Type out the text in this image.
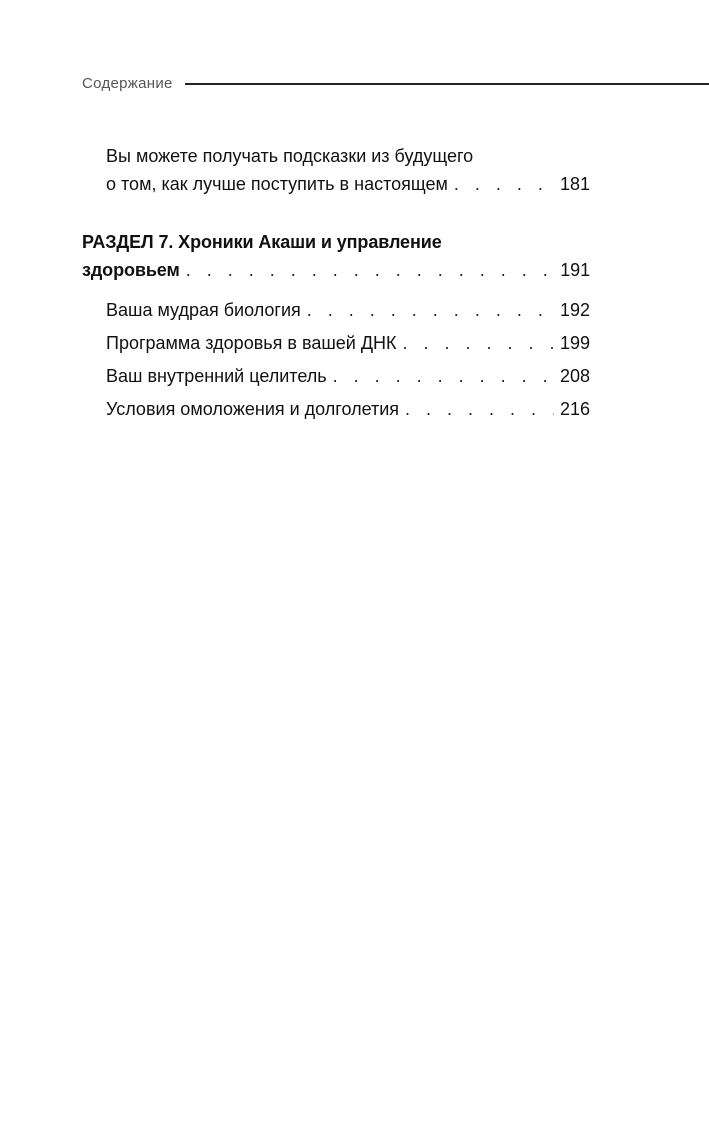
Содержание
Вы можете получать подсказки из будущего
о том, как лучше поступить в настоящем . . .	181
РАЗДЕЛ 7. Хроники Акаши и управление
здоровьем . . .	191
Ваша мудрая биология . . .	192
Программа здоровья в вашей ДНК . . .	199
Ваш внутренний целитель . . .	208
Условия омоложения и долголетия . . .	216
